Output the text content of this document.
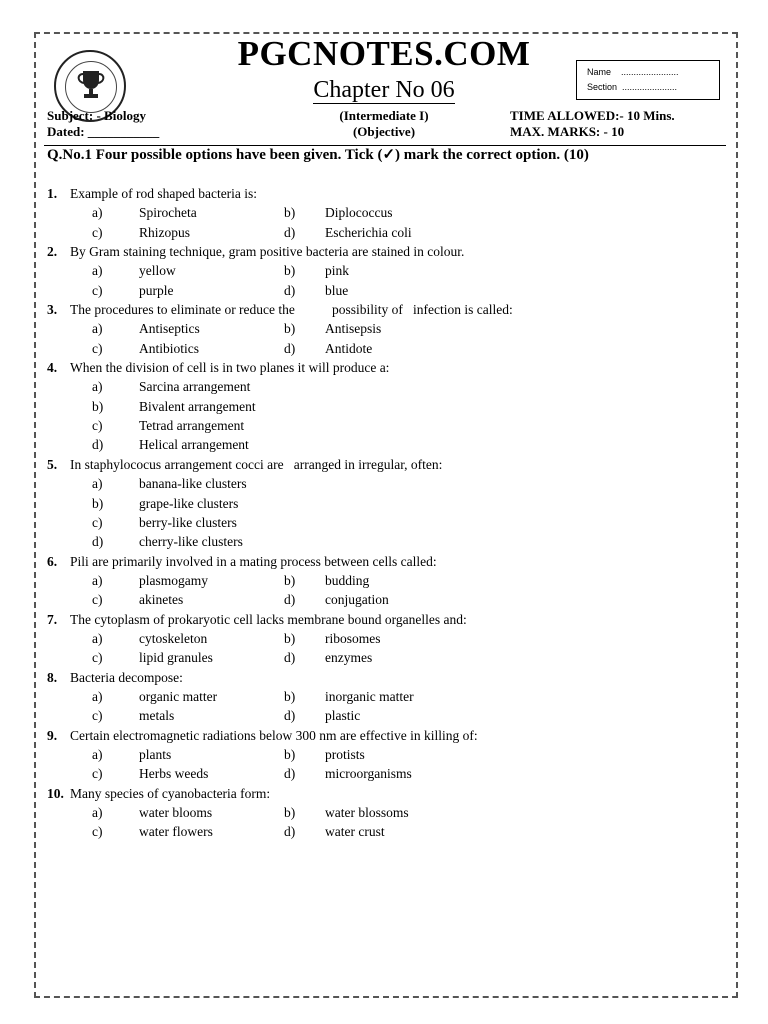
PGCNOTES.COM
Chapter No 06
Name .......................
Section ......................
Subject: - Biology
Dated: ___________
(Intermediate I)
(Objective)
TIME ALLOWED:- 10 Mins.
MAX. MARKS: - 10
Q.No.1 Four possible options have been given. Tick (✓) mark the correct option. (10)
1. Example of rod shaped bacteria is:
a)	Spirocheta	b) Diplococcus
c)	Rhizopus	d) Escherichia coli
2. By Gram staining technique, gram positive bacteria are stained in colour.
a)	yellow	b) pink
c)	purple	d) blue
3. The procedures to eliminate or reduce the           possibility of   infection is called:
a)	Antiseptics	b) Antisepsis
c)	Antibiotics	d) Antidote
4. When the division of cell is in two planes it will produce a:
a)	Sarcina arrangement
b)	Bivalent arrangement
c)	Tetrad arrangement
d)	Helical arrangement
5. In staphylococus arrangement cocci are   arranged in irregular, often:
a)	banana-like clusters
b)	grape-like clusters
c)	berry-like clusters
d)	cherry-like clusters
6. Pili are primarily involved in a mating process between cells called:
a)	plasmogamy	b) budding
c)	akinetes	d) conjugation
7. The cytoplasm of prokaryotic cell lacks membrane bound organelles and:
a)	cytoskeleton	b) ribosomes
c)	lipid granules	d) enzymes
8. Bacteria decompose:
a)	organic matter	b) inorganic matter
c)	metals	d) plastic
9. Certain electromagnetic radiations below 300 nm are effective in killing of:
a)	plants	b) protists
c)	Herbs weeds	d) microorganisms
10. Many species of cyanobacteria form:
a)	water blooms	b) water blossoms
c)	water flowers	d) water crust
